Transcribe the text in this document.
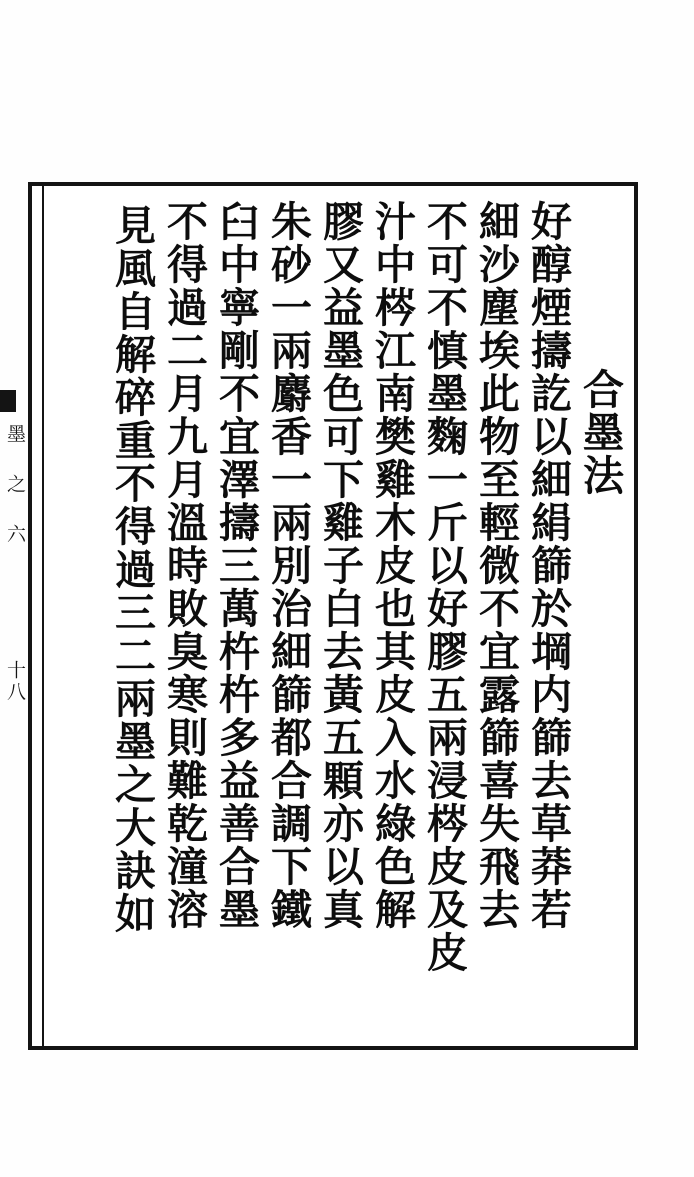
合墨法
好醇煙擣訖以細絹篩於堈内篩去草莽若
細沙塵埃此物至輕微不宜露篩喜失飛去
不可不慎墨麴一斤以好膠五兩浸梣皮及皮
汁中梣江南樊雞木皮也其皮入水綠色解
膠又益墨色可下雞子白去黃五顆亦以真
朱砂一兩麝香一兩別治細篩都合調下鐵
臼中寧剛不宜澤擣三萬杵杵多益善合墨
不得過二月九月溫時敗臭寒則難乾潼溶
見風自解碎重不得過三二兩墨之大訣如
墨
之
六
十八
